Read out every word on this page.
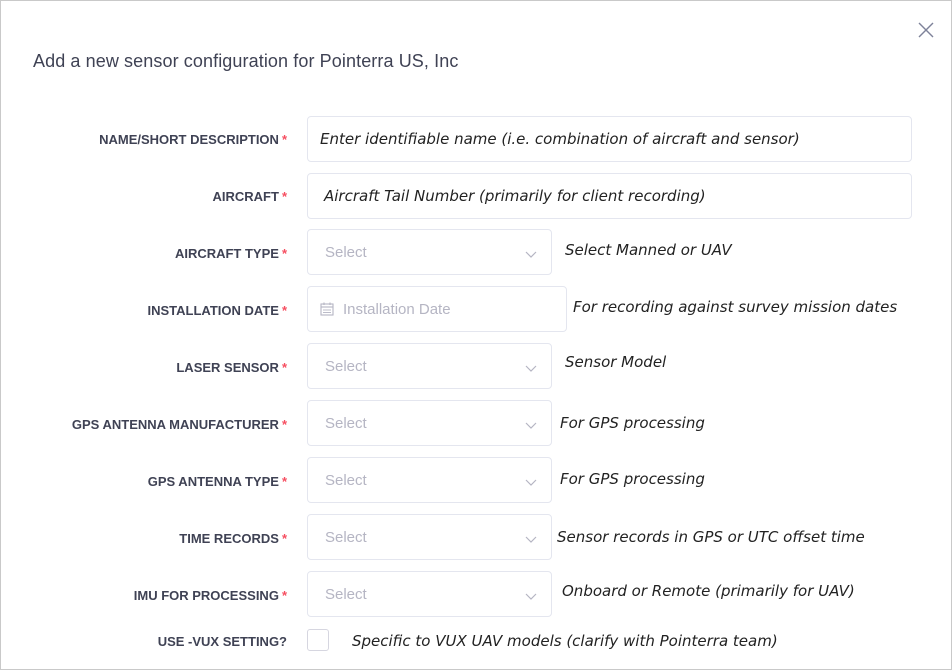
Add a new sensor configuration for Pointerra US, Inc
NAME/SHORT DESCRIPTION * Enter identifiable name (i.e. combination of aircraft and sensor)
AIRCRAFT * Aircraft Tail Number (primarily for client recording)
AIRCRAFT TYPE *	Select	Select Manned or UAV
INSTALLATION DATE *	Installation Date	For recording against survey mission dates
LASER SENSOR *	Select	Sensor Model
GPS ANTENNA MANUFACTURER *	Select	For GPS processing
GPS ANTENNA TYPE *	Select	For GPS processing
TIME RECORDS *	Select	Sensor records in GPS or UTC offset time
IMU FOR PROCESSING *	Select	Onboard or Remote (primarily for UAV)
USE -VUX SETTING?	Specific to VUX UAV models (clarify with Pointerra team)
